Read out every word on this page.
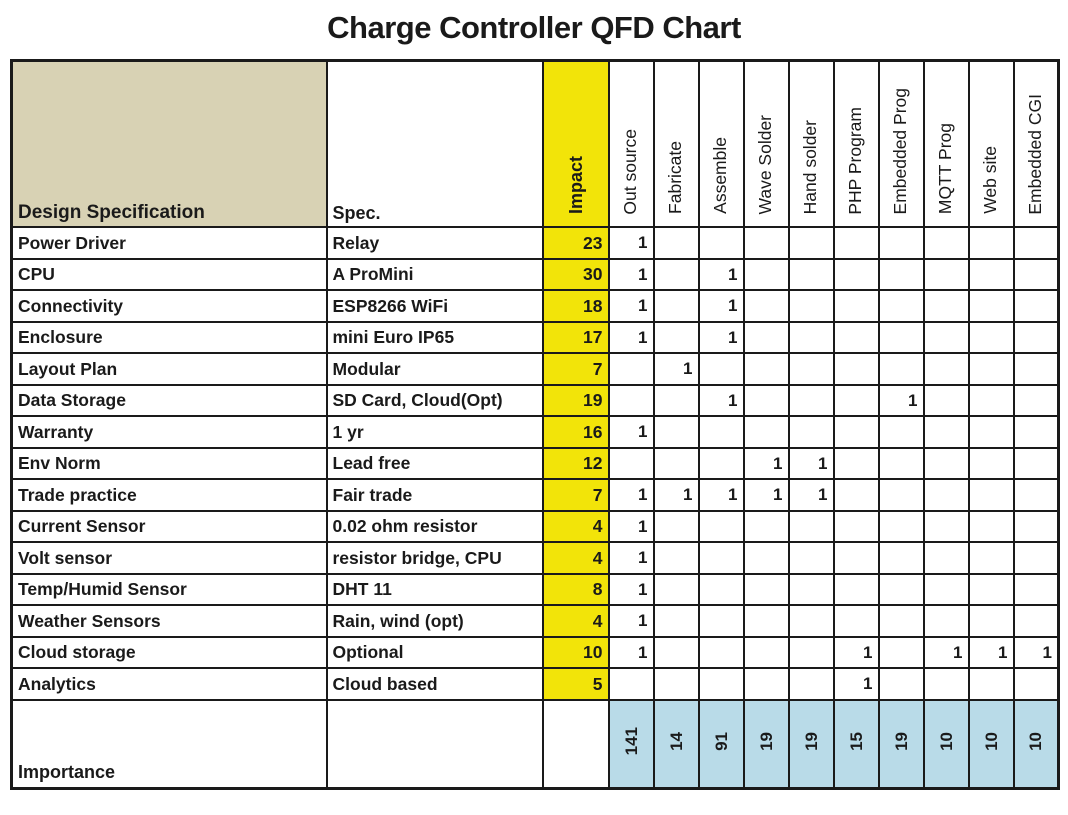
Charge Controller QFD Chart
Design Specification	Spec.	Impact	Out source	Fabricate	Assemble	Wave Solder	Hand solder	PHP Program	Embedded Prog	MQTT Prog	Web site	Embedded CGI
Power Driver	Relay	23	1									
CPU	A ProMini	30	1		1							
Connectivity	ESP8266 WiFi	18	1		1							
Enclosure	mini Euro IP65	17	1		1							
Layout Plan	Modular	7		1								
Data Storage	SD Card, Cloud(Opt)	19			1				1			
Warranty	1 yr	16	1									
Env Norm	Lead free	12				1	1					
Trade practice	Fair trade	7	1	1	1	1	1					
Current Sensor	0.02 ohm resistor	4	1									
Volt sensor	resistor bridge, CPU	4	1									
Temp/Humid Sensor	DHT 11	8	1									
Weather Sensors	Rain, wind (opt)	4	1									
Cloud storage	Optional	10	1					1		1	1	1
Analytics	Cloud based	5						1				
Importance			141	14	91	19	19	15	19	10	10	10
